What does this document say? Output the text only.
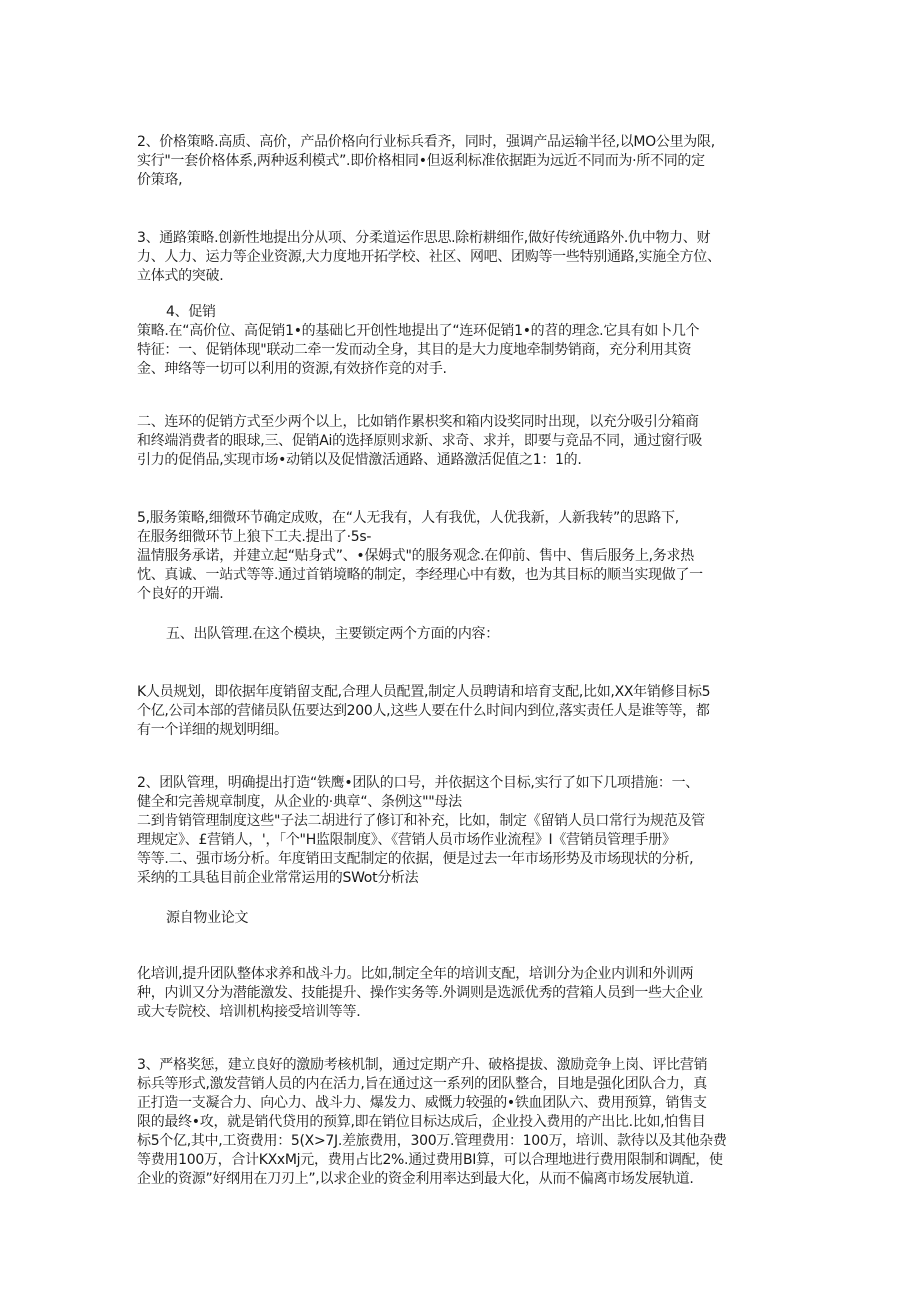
2、价格策略.高质、高价，产品价格向行业标兵看齐，同时，强调产品运输半径,以MO公里为限,
实行"一套价格体系,两种返利模式”.即价格相同•但返利标准依据距为远近不同而为·所不同的定
价策珞,
3、通路策略.创新性地提出分从项、分柔道运作思思.除桁耕细作,做好传统通路外.仇中物力、财
力、人力、运力等企业资源,大力度地开拓学校、社区、网吧、团购等一些特别通路,实施全方位、
立体式的突破.
4、促销
策略.在“高价位、高促销1•的基础匕开创性地提出了“连环促销1•的苕的理念.它具有如卜几个
特征：一、促销体现"联动二牵一发而动全身，其目的是大力度地牵制势销商，充分利用其资
金、珅络等一切可以利用的资源,有效挤作竞的对手.
二、连环的促销方式至少两个以上，比如销作累枳奖和箱内设奖同时出现，以充分吸引分箱商
和终端消费者的眼球,三、促销Ai的选择原则求新、求奇、求并，即要与竞品不同，通过窗行吸
引力的促俏品,实现市场•动销以及促惜激活通路、通路激活促值之1：1的.
5,服务策略,细微环节确定成败，在“人无我有，人有我优，人优我新，人新我转”的思路下,
在服务细微环节上狼下工夫.提出了·5s-
温情服务承诺，并建立起“贴身式”、•保姆式"的服务观念.在仰前、售中、售后服务上,务求热
忱、真诚、一站式等等.通过首销境略的制定，李经理心中有数，也为其目标的顺当实现做了一
个良好的开端.
五、出队管理.在这个模块，主要锁定两个方面的内容：
K人员规划，即依据年度销留支配,合理人员配置,制定人员聘请和培育支配,比如,XX年销修目标5
个亿,公司本部的营储员队伍要达到200人,这些人要在什么时间内到位,落实责任人是谁等等，都
有一个详细的规划明细。
2、团队管理，明确提出打造“铁鹰•团队的口号，并依据这个目标,实行了如下几项措施：一、
健全和完善规章制度，从企业的·典章“、条例这""母法
二到肯销管理制度这些"子法二胡进行了修订和补充，比如，制定《留销人员口常行为规范及管
理规定》、£营销人，'，「个"H监限制度》、《营销人员市场作业流程》I《营销员管理手册》
等等.二、强市场分析。年度销田支配制定的依据，便是过去一年市场形势及市场现状的分析,
采纳的工具毡目前企业常常运用的SWot分析法
源自物业论文
化培训,提升团队整体求养和战斗力。比如,制定全年的培训支配，培训分为企业内训和外训两
种，内训又分为潜能激发、技能提升、操作实务等.外调则是选派优秀的营箱人员到一些大企业
或大专院校、培训机构接受培训等等.
3、严格奖惩，建立良好的激励考核机制，通过定期产升、破格提拔、激励竞争上岗、评比营销
标兵等形式,激发营销人员的内在活力,旨在通过这一系列的团队整合，目地是强化团队合力，真
正打造一支凝合力、向心力、战斗力、爆发力、威慨力较强的•铁血团队六、费用预算，销售支
限的最终•攻，就是销代贷用的预算,即在销位目标达成后，企业投入费用的产出比.比如,怕售目
标5个亿,其中,工资费用：5(X>7J.差旅费用，300万.管理费用：100万，培训、款待以及其他杂费
等费用100万，合计KXxMj元，费用占比2%.通过费用BI算，可以合理地进行费用限制和调配，使
企业的资源”好纲用在刀刃上”,以求企业的资金利用率达到最大化，从而不偏离市场发展轨道.
